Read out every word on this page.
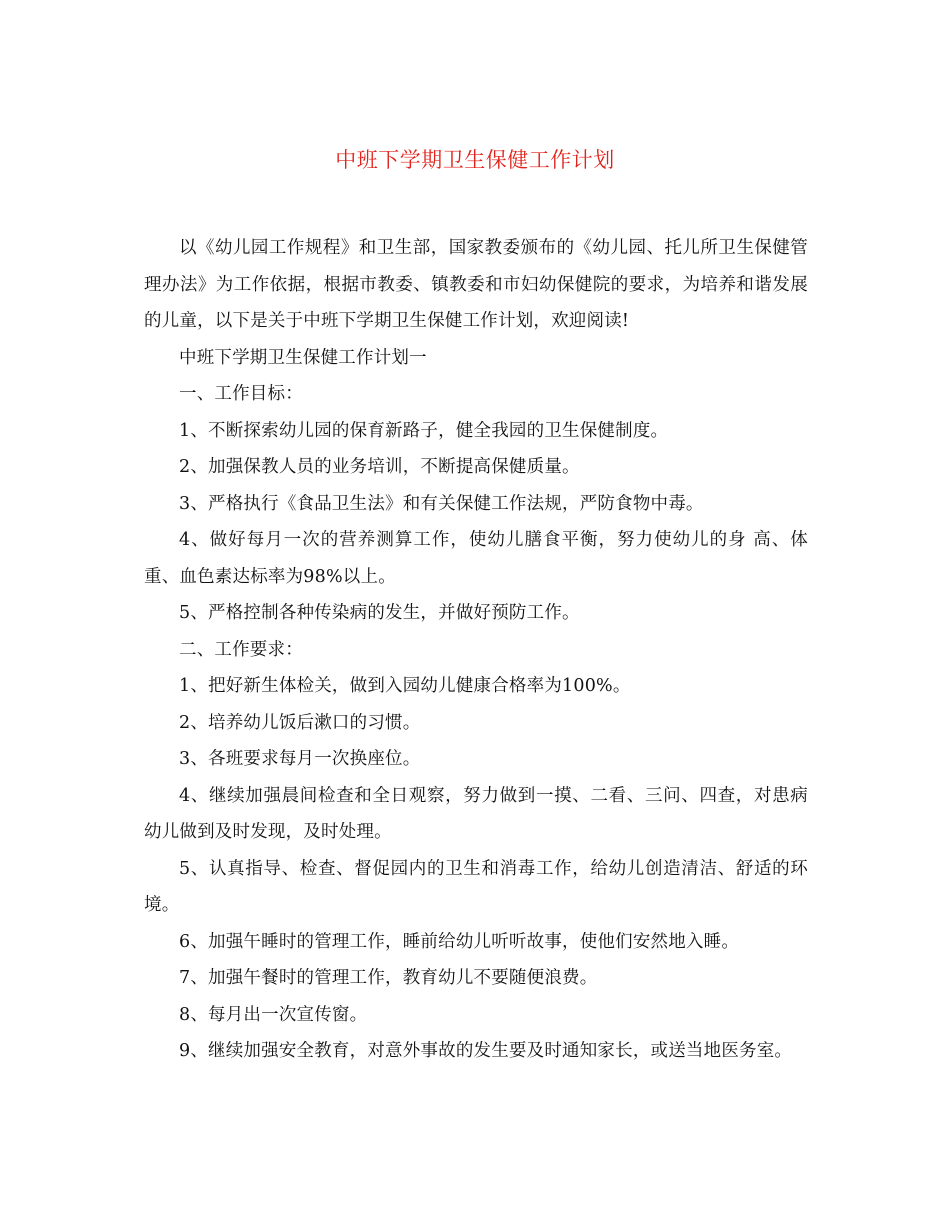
中班下学期卫生保健工作计划

以《幼儿园工作规程》和卫生部，国家教委颁布的《幼儿园、托儿所卫生保健管理办法》为工作依据，根据市教委、镇教委和市妇幼保健院的要求，为培养和谐发展的儿童，以下是关于中班下学期卫生保健工作计划，欢迎阅读!

中班下学期卫生保健工作计划一

一、工作目标：

1、不断探索幼儿园的保育新路子，健全我园的卫生保健制度。

2、加强保教人员的业务培训，不断提高保健质量。

3、严格执行《食品卫生法》和有关保健工作法规，严防食物中毒。

4、做好每月一次的营养测算工作，使幼儿膳食平衡，努力使幼儿的身 高、体重、血色素达标率为98%以上。

5、严格控制各种传染病的发生，并做好预防工作。

二、工作要求：

1、把好新生体检关，做到入园幼儿健康合格率为100%。

2、培养幼儿饭后漱口的习惯。

3、各班要求每月一次换座位。

4、继续加强晨间检查和全日观察，努力做到一摸、二看、三问、四查，对患病幼儿做到及时发现，及时处理。

5、认真指导、检查、督促园内的卫生和消毒工作，给幼儿创造清洁、舒适的环境。

6、加强午睡时的管理工作，睡前给幼儿听听故事，使他们安然地入睡。

7、加强午餐时的管理工作，教育幼儿不要随便浪费。

8、每月出一次宣传窗。

9、继续加强安全教育，对意外事故的发生要及时通知家长，或送当地医务室。
